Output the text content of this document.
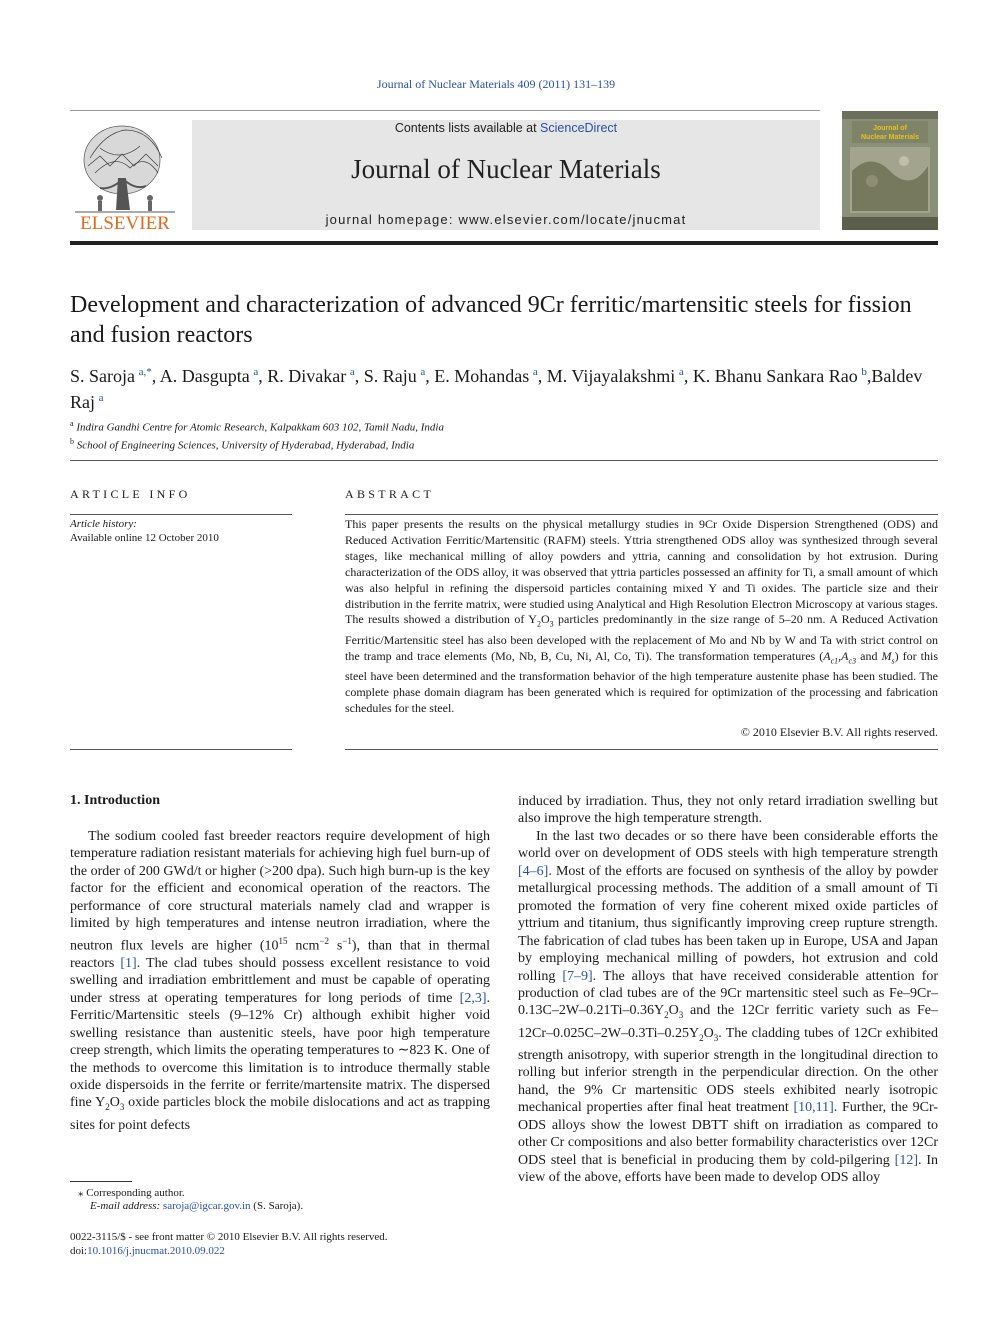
Journal of Nuclear Materials 409 (2011) 131–139
ELSEVIER
Contents lists available at ScienceDirect
Journal of Nuclear Materials
journal homepage: www.elsevier.com/locate/jnucmat
Journal of
Nuclear Materials
Development and characterization of advanced 9Cr ferritic/martensitic steels for fission and fusion reactors
S. Saroja  $^{a,*}$, A. Dasgupta  $^a$, R. Divakar  $^a$, S. Raju  $^a$, E. Mohandas  $^a$, M. Vijayalakshmi  $^a$, K. Bhanu Sankara Rao  $^b$,Baldev Raj  $^a$
$^a$ Indira Gandhi Centre for Atomic Research, Kalpakkam 603 102, Tamil Nadu, India
$^b$ School of Engineering Sciences, University of Hyderabad, Hyderabad, India
ARTICLE INFO
Article history:
Available online 12 October 2010
ABSTRACT
This paper presents the results on the physical metallurgy studies in 9Cr Oxide Dispersion Strengthened (ODS) and Reduced Activation Ferritic/Martensitic (RAFM) steels. Yttria strengthened ODS alloy was synthesized through several stages, like mechanical milling of alloy powders and yttria, canning and consolidation by hot extrusion. During characterization of the ODS alloy, it was observed that yttria particles possessed an affinity for Ti, a small amount of which was also helpful in refining the dispersoid particles containing mixed Y and Ti oxides. The particle size and their distribution in the ferrite matrix, were studied using Analytical and High Resolution Electron Microscopy at various stages. The results showed a distribution of $Y_2O_3$ particles predominantly in the size range of 5–20 nm. A Reduced Activation Ferritic/Martensitic steel has also been developed with the replacement of Mo and Nb by W and Ta with strict control on the tramp and trace elements (Mo, Nb, B, Cu, Ni, Al, Co, Ti). The transformation temperatures ($A_{c1},A_{c3}$ and $M_s$) for this steel have been determined and the transformation behavior of the high temperature austenite phase has been studied. The complete phase domain diagram has been generated which is required for optimization of the processing and fabrication schedules for the steel.
© 2010 Elsevier B.V. All rights reserved.
1. Introduction

The sodium cooled fast breeder reactors require development of high temperature radiation resistant materials for achieving high fuel burn-up of the order of 200 GWd/t or higher (>200 dpa). Such high burn-up is the key factor for the efficient and economical operation of the reactors. The performance of core structural materials namely clad and wrapper is limited by high temperatures and intense neutron irradiation, where the neutron flux levels are higher ($10^{15}$ ncm$^{-2}$ $s^{-1}$), than that in thermal reactors [1]. The clad tubes should possess excellent resistance to void swelling and irradiation embrittlement and must be capable of operating under stress at operating temperatures for long periods of time [2,3]. Ferritic/Martensitic steels (9–12% Cr) although exhibit higher void swelling resistance than austenitic steels, have poor high temperature creep strength, which limits the operating temperatures to ∼823 K. One of the methods to overcome this limitation is to introduce thermally stable oxide dispersoids in the ferrite or ferrite/martensite matrix. The dispersed fine $Y_2O_3$ oxide particles block the mobile dislocations and act as trapping sites for point defects

induced by irradiation. Thus, they not only retard irradiation swelling but also improve the high temperature strength.

In the last two decades or so there have been considerable efforts the world over on development of ODS steels with high temperature strength [4–6]. Most of the efforts are focused on synthesis of the alloy by powder metallurgical processing methods. The addition of a small amount of Ti promoted the formation of very fine coherent mixed oxide particles of yttrium and titanium, thus significantly improving creep rupture strength. The fabrication of clad tubes has been taken up in Europe, USA and Japan by employing mechanical milling of powders, hot extrusion and cold rolling [7–9]. The alloys that have received considerable attention for production of clad tubes are of the 9Cr martensitic steel such as $Fe-9Cr-0.13C-2W-0.21Ti-0.36Y_2O_3$ and the 12Cr ferritic variety such as $Fe-12Cr-0.025C-2W-0.3Ti-0.25Y_2O_3$. The cladding tubes of 12Cr exhibited strength anisotropy, with superior strength in the longitudinal direction to rolling but inferior strength in the perpendicular direction. On the other hand, the 9% Cr martensitic ODS steels exhibited nearly isotropic mechanical properties after final heat treatment [10,11]. Further, the 9Cr-ODS alloys show the lowest DBTT shift on irradiation as compared to other Cr compositions and also better formability characteristics over 12Cr ODS steel that is beneficial in producing them by cold-pilgering [12]. In view of the above, efforts have been made to develop ODS alloy

⁎ Corresponding author.
E-mail address: saroja@igcar.gov.in (S. Saroja).
0022-3115/$ - see front matter © 2010 Elsevier B.V. All rights reserved.
doi:10.1016/j.jnucmat.2010.09.022
